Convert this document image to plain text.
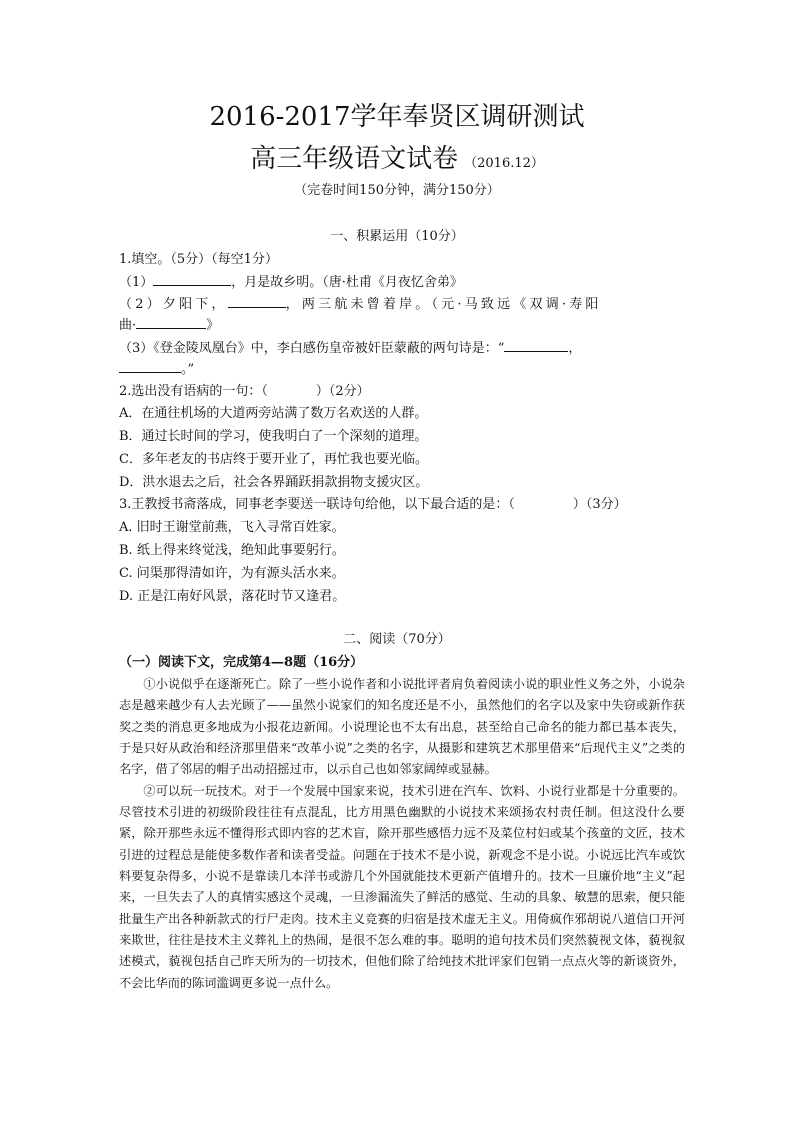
2016-2017学年奉贤区调研测试
高三年级语文试卷 （2016.12）
（完卷时间150分钟，满分150分）
一、积累运用（10分）
1.填空。（5分）（每空1分）
（1）	，月是故乡明。（唐·杜甫《月夜忆舍弟》
（2）夕阳下，	，两三航未曾着岸。（元·马致远《双调·寿阳
曲·	》
（3）《登金陵凤凰台》中，李白感伤皇帝被奸臣蒙蔽的两句诗是：“	，
。”
2.选出没有语病的一句：（	）（2分）
A．在通往机场的大道两旁站满了数万名欢送的人群。
B．通过长时间的学习，使我明白了一个深刻的道理。
C．多年老友的书店终于要开业了，再忙我也要光临。
D．洪水退去之后，社会各界踊跃捐款捐物支援灾区。
3.王教授书斋落成，同事老李要送一联诗句给他，以下最合适的是：（	）（3分）
A. 旧时王谢堂前燕，飞入寻常百姓家。
B. 纸上得来终觉浅，绝知此事要躬行。
C. 问渠那得清如许，为有源头活水来。
D. 正是江南好风景，落花时节又逢君。
二、阅读（70分）
（一）阅读下文，完成第4—8题（16分）

①小说似乎在逐渐死亡。除了一些小说作者和小说批评者肩负着阅读小说的职业性义务之外，小说杂志是越来越少有人去光顾了——虽然小说家们的知名度还是不小，虽然他们的名字以及家中失窃或新作获奖之类的消息更多地成为小报花边新闻。小说理论也不太有出息，甚至给自己命名的能力都已基本丧失，于是只好从政治和经济那里借来“改革小说”之类的名字，从摄影和建筑艺术那里借来“后现代主义”之类的名字，借了邻居的帽子出动招摇过市，以示自己也如邻家阔绰或显赫。

②可以玩一玩技术。对于一个发展中国家来说，技术引进在汽车、饮料、小说行业都是十分重要的。尽管技术引进的初级阶段往往有点混乱，比方用黑色幽默的小说技术来颂扬农村责任制。但这没什么要紧，除开那些永远不懂得形式即内容的艺术盲，除开那些感悟力远不及菜位村妇或某个孩童的文匠，技术引进的过程总是能使多数作者和读者受益。问题在于技术不是小说，新观念不是小说。小说远比汽车或饮料要复杂得多，小说不是靠读几本洋书或游几个外国就能技术更新产值增升的。技术一旦廉价地“主义”起来，一旦失去了人的真情实感这个灵魂，一旦渗漏流失了鲜活的感觉、生动的具象、敏慧的思索，便只能批量生产出各种新款式的行尸走肉。技术主义竞赛的归宿是技术虚无主义。用倚疯作邪胡说八道信口开河来欺世，往往是技术主义葬礼上的热闹，是很不怎么难的事。聪明的追句技术员们突然藐视文体，藐视叙述模式，藐视包括自己昨天所为的一切技术，但他们除了给纯技术批评家们包销一点点火等的新谈资外，不会比华而的陈词滥调更多说一点什么。
